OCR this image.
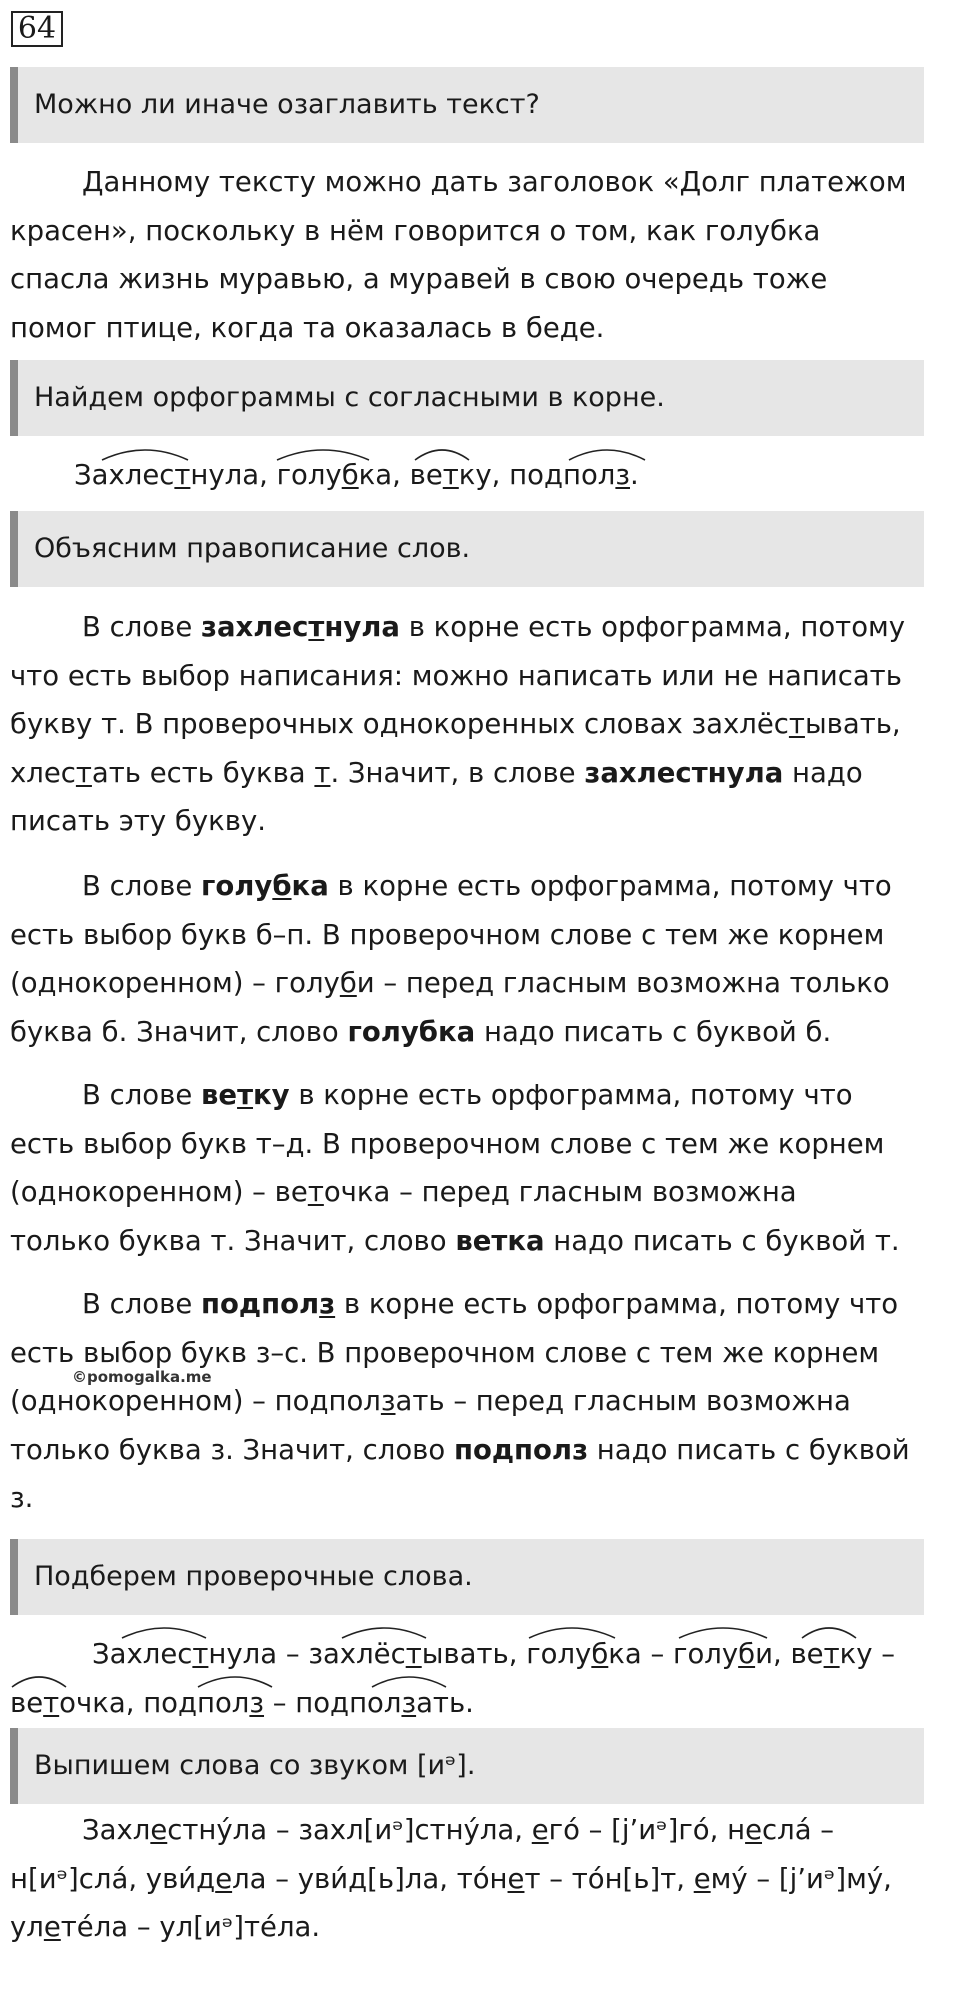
64
Можно ли иначе озаглавить текст?

Данному тексту можно дать заголовок «Долг платежом
красен», поскольку в нём говорится о том, как голубка
спасла жизнь муравью, а муравей в свою очередь тоже
помог птице, когда та оказалась в беде.

Найдем орфограммы с согласными в корне.

Захлестнула, голубка, ветку, подполз.

Объясним правописание слов.

В слове захлестнула в корне есть орфограмма, потому
что есть выбор написания: можно написать или не написать
букву т. В проверочных однокоренных словах захлёстывать,
хлестать есть буква т. Значит, в слове захлестнула надо
писать эту букву.

В слове голубка в корне есть орфограмма, потому что
есть выбор букв б–п. В проверочном слове с тем же корнем
(однокоренном) – голуби – перед гласным возможна только
буква б. Значит, слово голубка надо писать с буквой б.

В слове ветку в корне есть орфограмма, потому что
есть выбор букв т–д. В проверочном слове с тем же корнем
(однокоренном) – веточка – перед гласным возможна
только буква т. Значит, слово ветка надо писать с буквой т.

В слове подполз в корне есть орфограмма, потому что
есть выбор букв з–с. В проверочном слове с тем же корнем
(однокоренном) – подползать – перед гласным возможна
только буква з. Значит, слово подполз надо писать с буквой
з.

©pomogalka.me
Подберем проверочные слова.

Захлестнула – захлёстывать, голубка – голуби, ветку –
веточка, подполз – подползать.

Выпишем слова со звуком [иᵊ].

Захлестну́ла – захл[иᵊ]стну́ла, его́ – [j’иᵊ]го́, несла́ –
н[иᵊ]сла́, уви́дела – уви́д[ь]ла, то́нет – то́н[ь]т, ему́ – [j’иᵊ]му́,
улете́ла – ул[иᵊ]те́ла.
